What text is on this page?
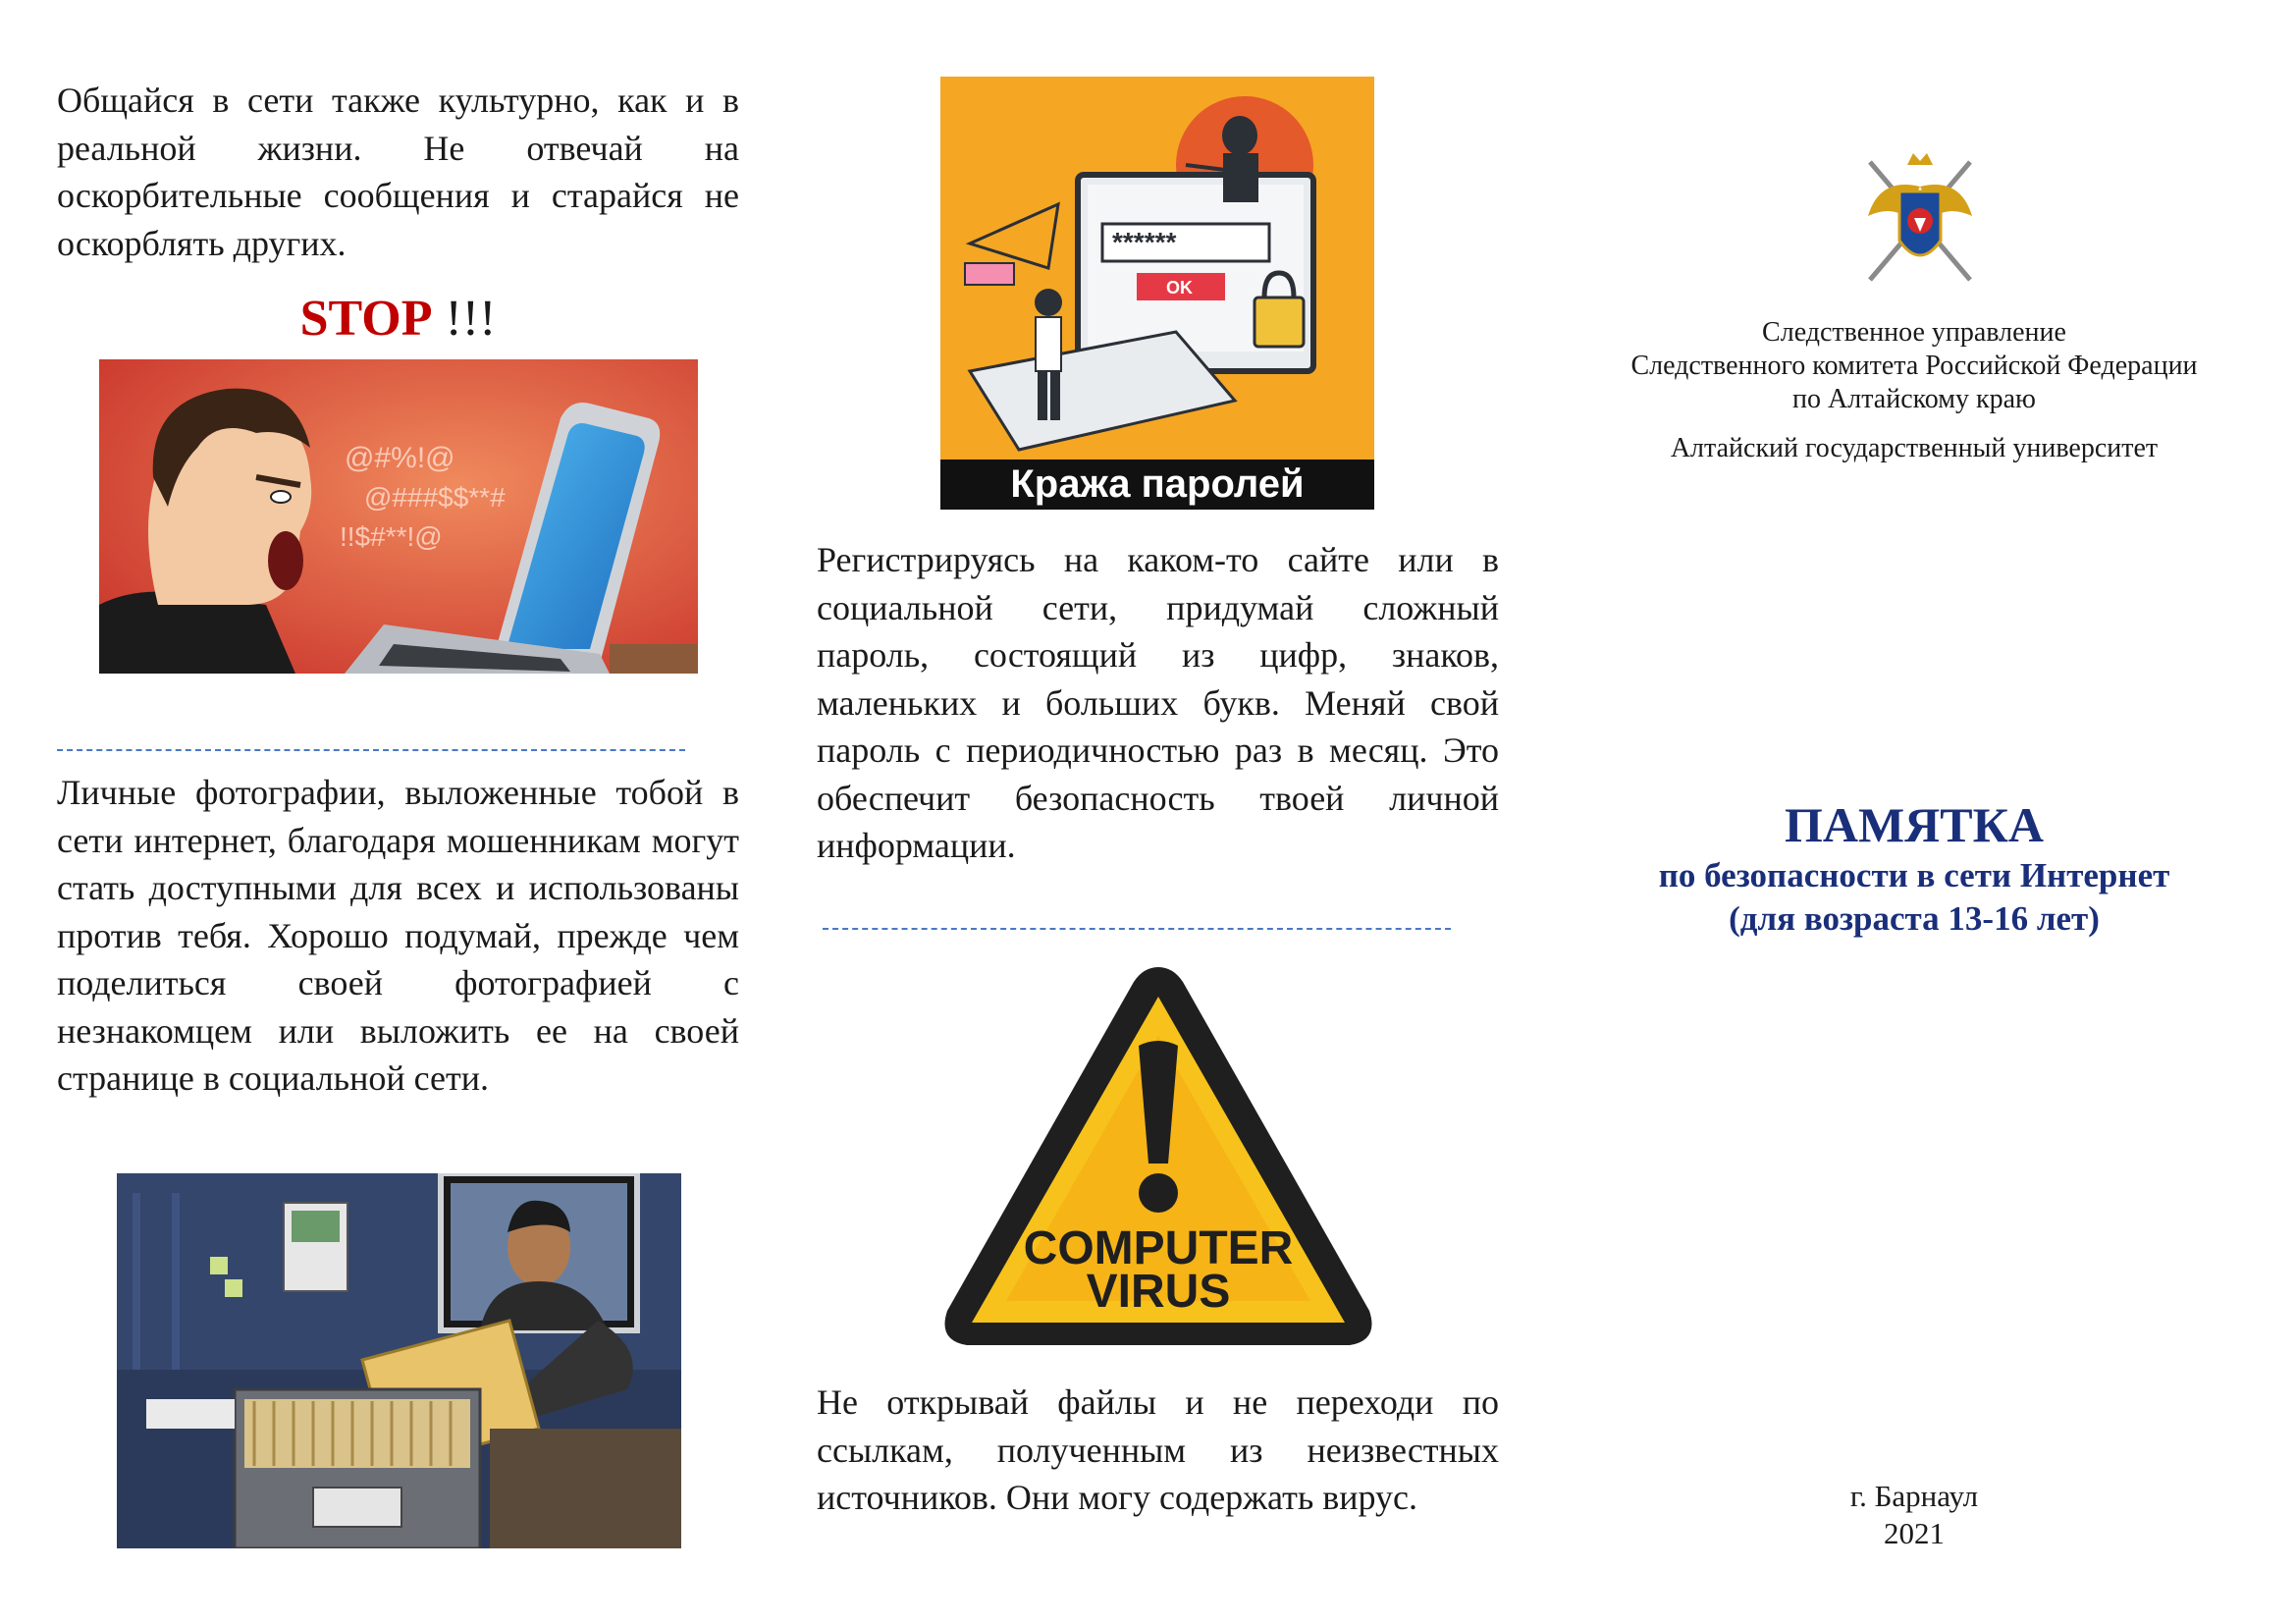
Общайся в сети также культурно, как и в реальной жизни. Не отвечай на оскорбительные сообщения и старайся не оскорблять других.
STOP !!!
@#%!@
@###$$**#
!!$#**!@
Личные фотографии, выложенные тобой в сети интернет, благодаря мошенникам могут стать доступными для всех и использованы против тебя. Хорошо подумай, прежде чем поделиться своей фотографией с незнакомцем или выложить ее на своей странице в социальной сети.
******
OK
Кража паролей
Регистрируясь на каком-то сайте или в социальной сети, придумай сложный пароль, состоящий из цифр, знаков, маленьких и больших букв. Меняй свой пароль с периодичностью раз в месяц. Это обеспечит безопасность твоей личной информации.
COMPUTER
VIRUS
Не открывай файлы и не переходи по ссылкам, полученным из неизвестных источников. Они могу содержать вирус.
Следственное управление
Следственного комитета Российской Федерации
по Алтайскому краю
Алтайский государственный университет
ПАМЯТКА
по безопасности в сети Интернет
(для возраста 13-16 лет)
г. Барнаул
2021
